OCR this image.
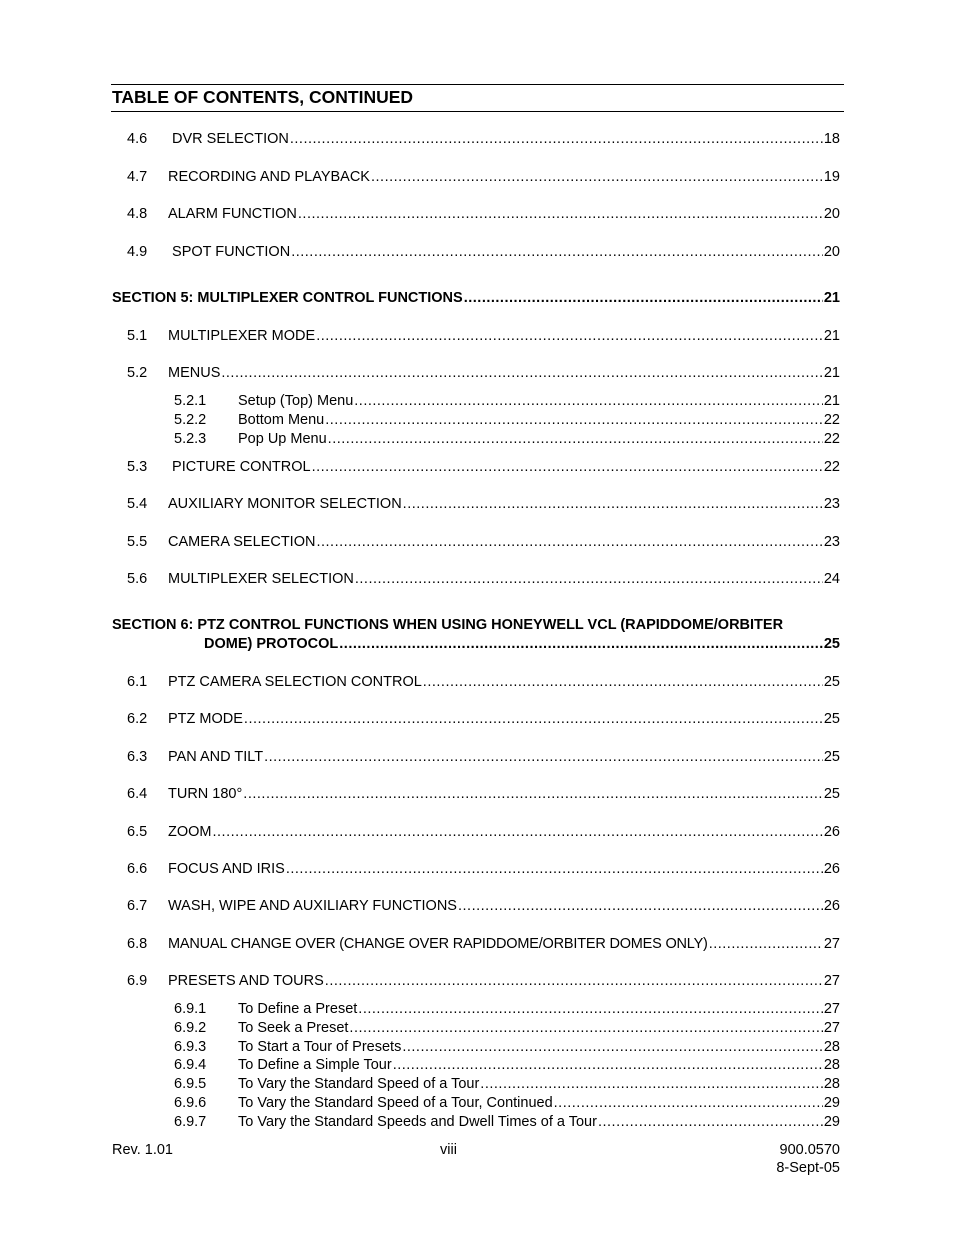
TABLE OF CONTENTS, CONTINUED
4.6	DVR SELECTION .....	18
4.7	RECORDING AND PLAYBACK .....	19
4.8	ALARM FUNCTION .....	20
4.9	SPOT FUNCTION .....	20
SECTION 5: MULTIPLEXER CONTROL FUNCTIONS .....	21
5.1	MULTIPLEXER MODE .....	21
5.2	MENUS .....	21
5.2.1	Setup (Top) Menu .....	21
5.2.2	Bottom Menu .....	22
5.2.3	Pop Up Menu .....	22
5.3	PICTURE CONTROL .....	22
5.4	AUXILIARY MONITOR SELECTION .....	23
5.5	CAMERA SELECTION .....	23
5.6	MULTIPLEXER SELECTION .....	24
SECTION 6: PTZ CONTROL FUNCTIONS WHEN USING HONEYWELL VCL (RAPIDDOME/ORBITER
DOME) PROTOCOL .....	25
6.1	PTZ CAMERA SELECTION CONTROL .....	25
6.2	PTZ MODE .....	25
6.3	PAN AND TILT .....	25
6.4	TURN 180° .....	25
6.5	ZOOM .....	26
6.6	FOCUS AND IRIS .....	26
6.7	WASH, WIPE AND AUXILIARY FUNCTIONS .....	26
6.8	MANUAL CHANGE OVER (CHANGE OVER RAPIDDOME/ORBITER DOMES ONLY) .....	27
6.9	PRESETS AND TOURS .....	27
6.9.1	To Define a Preset .....	27
6.9.2	To Seek a Preset .....	27
6.9.3	To Start a Tour of Presets .....	28
6.9.4	To Define a Simple Tour .....	28
6.9.5	To Vary the Standard Speed of a Tour .....	28
6.9.6	To Vary the Standard Speed of a Tour, Continued .....	29
6.9.7	To Vary the Standard Speeds and Dwell Times of a Tour .....	29
Rev. 1.01	viii	900.0570
8-Sept-05
